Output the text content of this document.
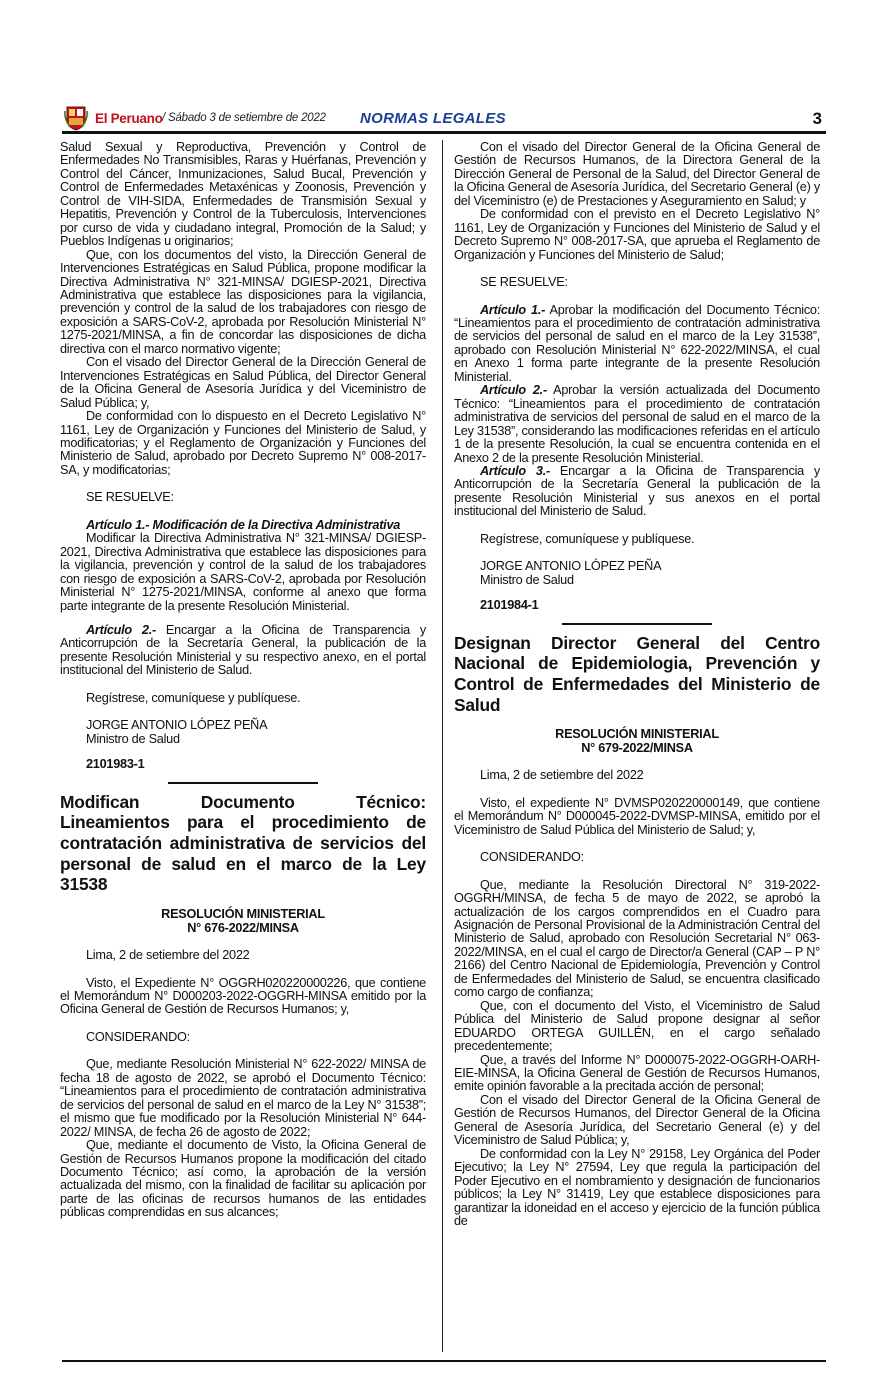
El Peruano / Sábado 3 de setiembre de 2022 NORMAS LEGALES	3

Salud Sexual y Reproductiva, Prevención y Control de Enfermedades No Transmisibles, Raras y Huérfanas, Prevención y Control del Cáncer, Inmunizaciones, Salud Bucal, Prevención y Control de Enfermedades Metaxénicas y Zoonosis, Prevención y Control de VIH-SIDA, Enfermedades de Transmisión Sexual y Hepatitis, Prevención y Control de la Tuberculosis, Intervenciones por curso de vida y ciudadano integral, Promoción de la Salud; y Pueblos Indígenas u originarios;

Que, con los documentos del visto, la Dirección General de Intervenciones Estratégicas en Salud Pública, propone modificar la Directiva Administrativa N° 321-MINSA/ DGIESP-2021, Directiva Administrativa que establece las disposiciones para la vigilancia, prevención y control de la salud de los trabajadores con riesgo de exposición a SARS-CoV-2, aprobada por Resolución Ministerial N° 1275-2021/MINSA, a fin de concordar las disposiciones de dicha directiva con el marco normativo vigente;

Con el visado del Director General de la Dirección General de Intervenciones Estratégicas en Salud Pública, del Director General de la Oficina General de Asesoría Jurídica y del Viceministro de Salud Pública; y,

De conformidad con lo dispuesto en el Decreto Legislativo N° 1161, Ley de Organización y Funciones del Ministerio de Salud, y modificatorias; y el Reglamento de Organización y Funciones del Ministerio de Salud, aprobado por Decreto Supremo N° 008-2017-SA, y modificatorias;

SE RESUELVE:

Artículo 1.- Modificación de la Directiva Administrativa

Modificar la Directiva Administrativa N° 321-MINSA/ DGIESP-2021, Directiva Administrativa que establece las disposiciones para la vigilancia, prevención y control de la salud de los trabajadores con riesgo de exposición a SARS-CoV-2, aprobada por Resolución Ministerial N° 1275-2021/MINSA, conforme al anexo que forma parte integrante de la presente Resolución Ministerial.

Artículo 2.- Encargar a la Oficina de Transparencia y Anticorrupción de la Secretaría General, la publicación de la presente Resolución Ministerial y su respectivo anexo, en el portal institucional del Ministerio de Salud.

Regístrese, comuníquese y publíquese.

JORGE ANTONIO LÓPEZ PEÑA

Ministro de Salud

2101983-1

Modifican Documento Técnico: Lineamientos para el procedimiento de contratación administrativa de servicios del personal de salud en el marco de la Ley 31538
RESOLUCIÓN MINISTERIAL
N° 676-2022/MINSA

Lima, 2 de setiembre del 2022

Visto, el Expediente N° OGGRH020220000226, que contiene el Memorándum N° D000203-2022-OGGRH-MINSA emitido por la Oficina General de Gestión de Recursos Humanos; y,

CONSIDERANDO:

Que, mediante Resolución Ministerial N° 622-2022/ MINSA de fecha 18 de agosto de 2022, se aprobó el Documento Técnico: “Lineamientos para el procedimiento de contratación administrativa de servicios del personal de salud en el marco de la Ley N° 31538”; el mismo que fue modificado por la Resolución Ministerial N° 644-2022/ MINSA, de fecha 26 de agosto de 2022;

Que, mediante el documento de Visto, la Oficina General de Gestión de Recursos Humanos propone la modificación del citado Documento Técnico; así como, la aprobación de la versión actualizada del mismo, con la finalidad de facilitar su aplicación por parte de las oficinas de recursos humanos de las entidades públicas comprendidas en sus alcances;

Con el visado del Director General de la Oficina General de Gestión de Recursos Humanos, de la Directora General de la Dirección General de Personal de la Salud, del Director General de la Oficina General de Asesoría Jurídica, del Secretario General (e) y del Viceministro (e) de Prestaciones y Aseguramiento en Salud; y

De conformidad con el previsto en el Decreto Legislativo N° 1161, Ley de Organización y Funciones del Ministerio de Salud y el Decreto Supremo N° 008-2017-SA, que aprueba el Reglamento de Organización y Funciones del Ministerio de Salud;

SE RESUELVE:

Artículo 1.- Aprobar la modificación del Documento Técnico: “Lineamientos para el procedimiento de contratación administrativa de servicios del personal de salud en el marco de la Ley 31538”, aprobado con Resolución Ministerial N° 622-2022/MINSA, el cual en Anexo 1 forma parte integrante de la presente Resolución Ministerial.

Artículo 2.- Aprobar la versión actualizada del Documento Técnico: “Lineamientos para el procedimiento de contratación administrativa de servicios del personal de salud en el marco de la Ley 31538”, considerando las modificaciones referidas en el artículo 1 de la presente Resolución, la cual se encuentra contenida en el Anexo 2 de la presente Resolución Ministerial.

Artículo 3.- Encargar a la Oficina de Transparencia y Anticorrupción de la Secretaría General la publicación de la presente Resolución Ministerial y sus anexos en el portal institucional del Ministerio de Salud.

Regístrese, comuníquese y publíquese.

JORGE ANTONIO LÓPEZ PEÑA

Ministro de Salud

2101984-1

Designan Director General del Centro Nacional de Epidemiologia, Prevención y Control de Enfermedades del Ministerio de Salud
RESOLUCIÓN MINISTERIAL
N° 679-2022/MINSA

Lima, 2 de setiembre del 2022

Visto, el expediente N° DVMSP020220000149, que contiene el Memorándum N° D000045-2022-DVMSP-MINSA, emitido por el Viceministro de Salud Pública del Ministerio de Salud; y,

CONSIDERANDO:

Que, mediante la Resolución Directoral N° 319-2022-OGGRH/MINSA, de fecha 5 de mayo de 2022, se aprobó la actualización de los cargos comprendidos en el Cuadro para Asignación de Personal Provisional de la Administración Central del Ministerio de Salud, aprobado con Resolución Secretarial N° 063-2022/MINSA, en el cual el cargo de Director/a General (CAP – P N° 2166) del Centro Nacional de Epidemiología, Prevención y Control de Enfermedades del Ministerio de Salud, se encuentra clasificado como cargo de confianza;

Que, con el documento del Visto, el Viceministro de Salud Pública del Ministerio de Salud propone designar al señor EDUARDO ORTEGA GUILLÉN, en el cargo señalado precedentemente;

Que, a través del Informe N° D000075-2022-OGGRH-OARH-EIE-MINSA, la Oficina General de Gestión de Recursos Humanos, emite opinión favorable a la precitada acción de personal;

Con el visado del Director General de la Oficina General de Gestión de Recursos Humanos, del Director General de la Oficina General de Asesoría Jurídica, del Secretario General (e) y del Viceministro de Salud Pública; y,

De conformidad con la Ley N° 29158, Ley Orgánica del Poder Ejecutivo; la Ley N° 27594, Ley que regula la participación del Poder Ejecutivo en el nombramiento y designación de funcionarios públicos; la Ley N° 31419, Ley que establece disposiciones para garantizar la idoneidad en el acceso y ejercicio de la función pública de
